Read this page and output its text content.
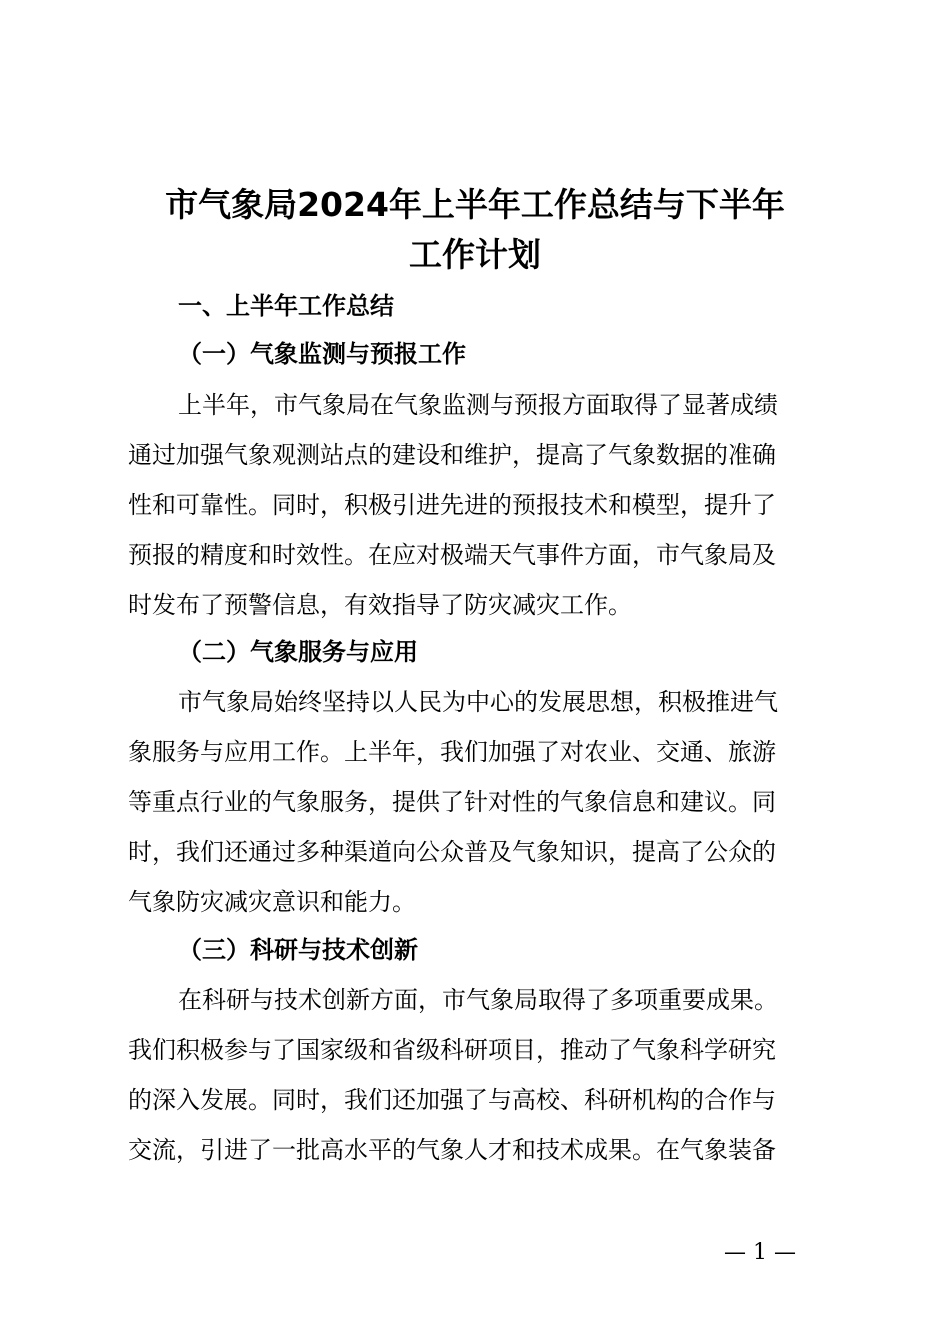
市气象局2024年上半年工作总结与下半年
工作计划
一、上半年工作总结
（一）气象监测与预报工作
上半年，市气象局在气象监测与预报方面取得了显著成绩
通过加强气象观测站点的建设和维护，提高了气象数据的准确
性和可靠性。同时，积极引进先进的预报技术和模型，提升了
预报的精度和时效性。在应对极端天气事件方面，市气象局及
时发布了预警信息，有效指导了防灾减灾工作。
（二）气象服务与应用
市气象局始终坚持以人民为中心的发展思想，积极推进气
象服务与应用工作。上半年，我们加强了对农业、交通、旅游
等重点行业的气象服务，提供了针对性的气象信息和建议。同
时，我们还通过多种渠道向公众普及气象知识，提高了公众的
气象防灾减灾意识和能力。
（三）科研与技术创新
在科研与技术创新方面，市气象局取得了多项重要成果。
我们积极参与了国家级和省级科研项目，推动了气象科学研究
的深入发展。同时，我们还加强了与高校、科研机构的合作与
交流，引进了一批高水平的气象人才和技术成果。在气象装备
— 1 —
